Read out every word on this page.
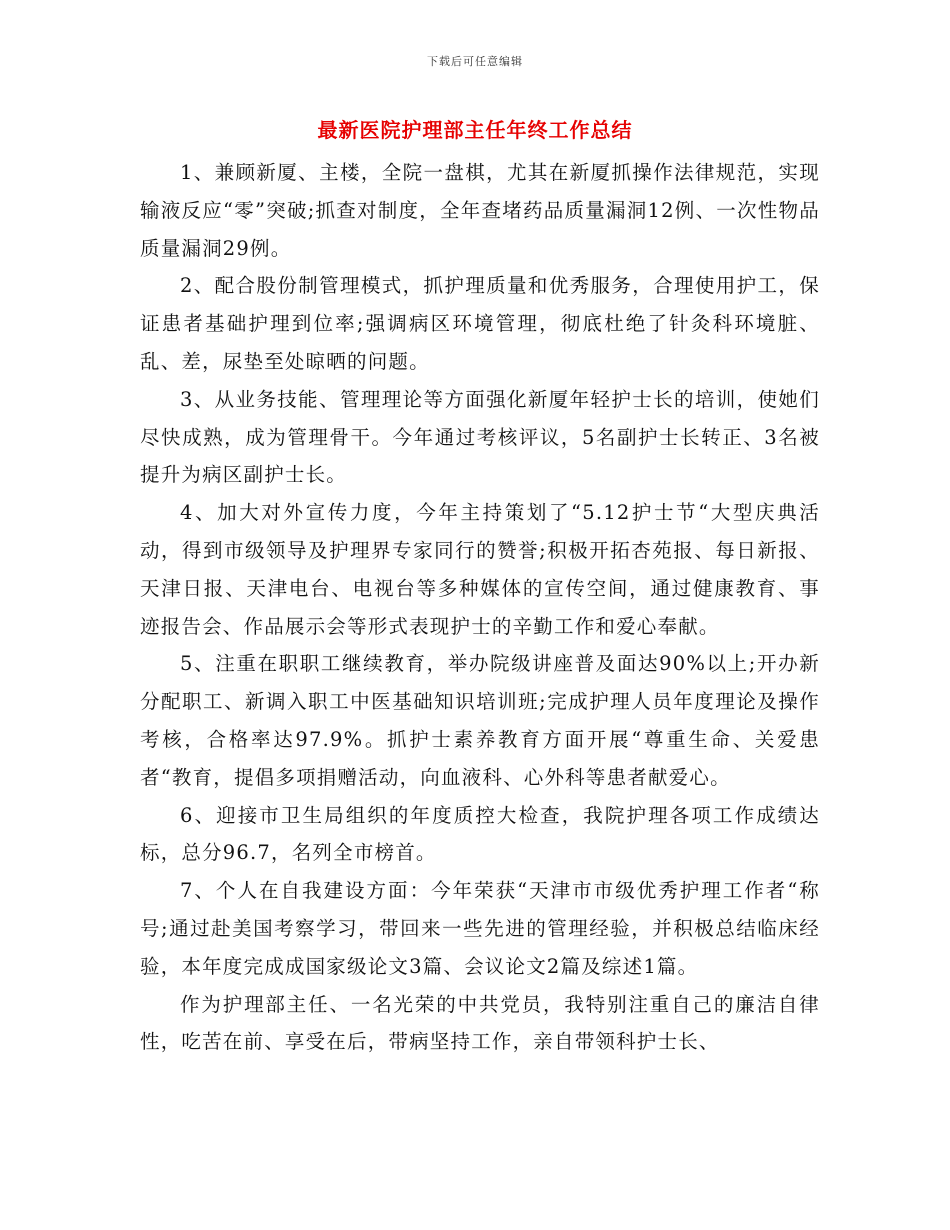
下载后可任意编辑
最新医院护理部主任年终工作总结

1、兼顾新厦、主楼，全院一盘棋，尤其在新厦抓操作法律规范，实现输液反应“零”突破;抓查对制度，全年查堵药品质量漏洞12例、一次性物品质量漏洞29例。

2、配合股份制管理模式，抓护理质量和优秀服务，合理使用护工，保证患者基础护理到位率;强调病区环境管理，彻底杜绝了针灸科环境脏、乱、差，尿垫至处晾晒的问题。

3、从业务技能、管理理论等方面强化新厦年轻护士长的培训，使她们尽快成熟，成为管理骨干。今年通过考核评议，5名副护士长转正、3名被提升为病区副护士长。

4、加大对外宣传力度，今年主持策划了“5.12护士节“大型庆典活动，得到市级领导及护理界专家同行的赞誉;积极开拓杏苑报、每日新报、天津日报、天津电台、电视台等多种媒体的宣传空间，通过健康教育、事迹报告会、作品展示会等形式表现护士的辛勤工作和爱心奉献。

5、注重在职职工继续教育，举办院级讲座普及面达90%以上;开办新分配职工、新调入职工中医基础知识培训班;完成护理人员年度理论及操作考核，合格率达97.9%。抓护士素养教育方面开展“尊重生命、关爱患者“教育，提倡多项捐赠活动，向血液科、心外科等患者献爱心。

6、迎接市卫生局组织的年度质控大检查，我院护理各项工作成绩达标，总分96.7，名列全市榜首。

7、个人在自我建设方面：今年荣获“天津市市级优秀护理工作者“称号;通过赴美国考察学习，带回来一些先进的管理经验，并积极总结临床经验，本年度完成成国家级论文3篇、会议论文2篇及综述1篇。

作为护理部主任、一名光荣的中共党员，我特别注重自己的廉洁自律性，吃苦在前、享受在后，带病坚持工作，亲自带领科护士长、
